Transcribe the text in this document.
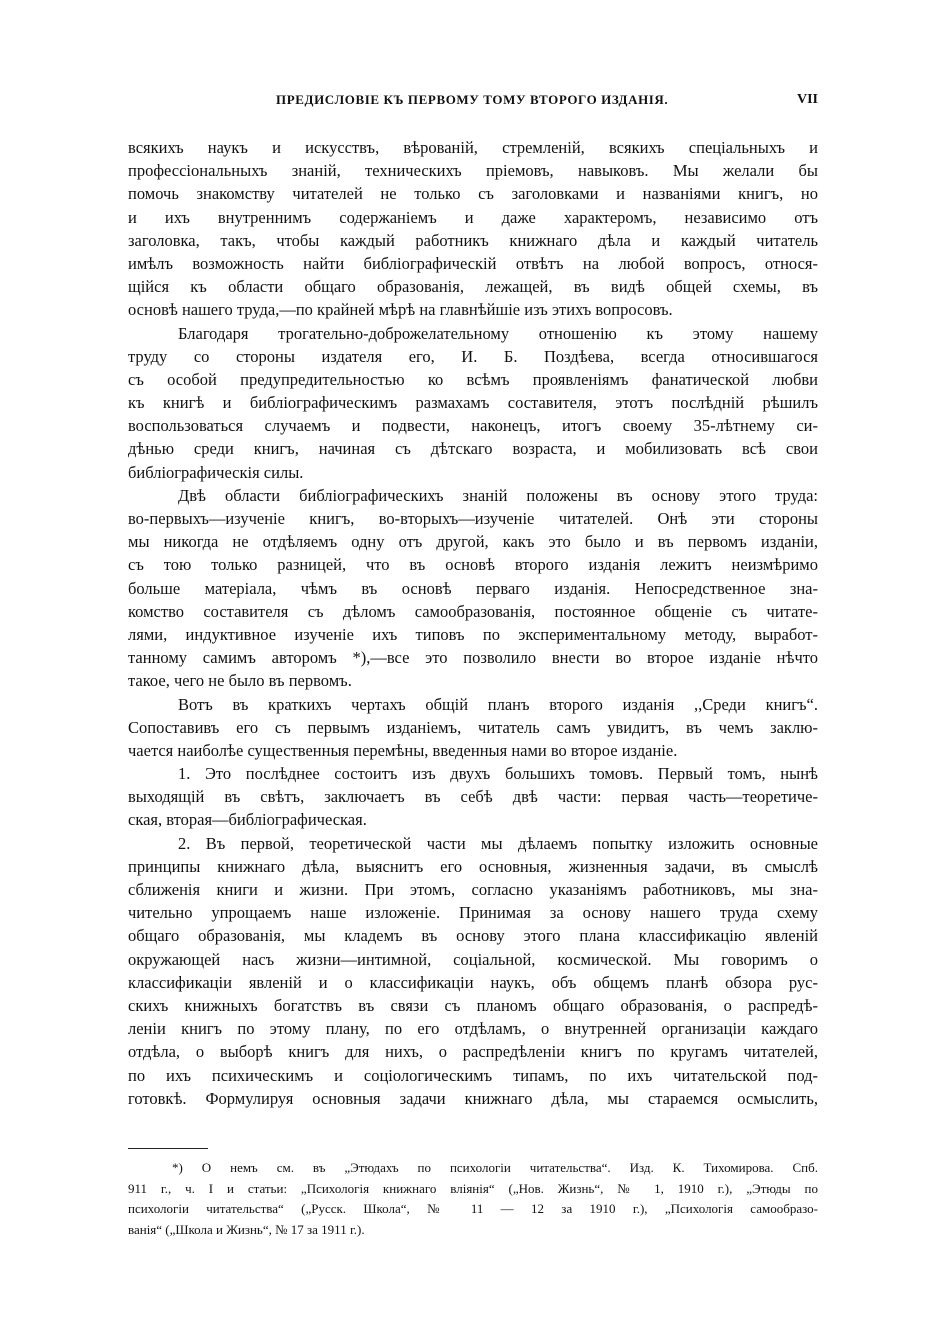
ПРЕДИСЛОВІЕ КЪ ПЕРВОМУ ТОМУ ВТОРОГО ИЗДАНІЯ.	VII
всякихъ наукъ и искусствъ, вѣрованій, стремленій, всякихъ спеціальныхъ и
профессіональныхъ знаній, техническихъ пріемовъ, навыковъ. Мы желали бы
помочь знакомству читателей не только съ заголовками и названіями книгъ, но
и ихъ внутреннимъ содержаніемъ и даже характеромъ, независимо отъ
заголовка, такъ, чтобы каждый работникъ книжнаго дѣла и каждый читатель
имѣлъ возможность найти библіографическій отвѣтъ на любой вопросъ, относя-
щійся къ области общаго образованія, лежащей, въ видѣ общей схемы, въ
основѣ нашего труда,—по крайней мѣрѣ на главнѣйшіе изъ этихъ вопросовъ.
Благодаря трогательно-доброжелательному отношенію къ этому нашему
труду со стороны издателя его, И. Б. Поздѣева, всегда относившагося
съ особой предупредительностью ко всѣмъ проявленіямъ фанатической любви
къ книгѣ и библіографическимъ размахамъ составителя, этотъ послѣдній рѣшилъ
воспользоваться случаемъ и подвести, наконецъ, итогъ своему 35-лѣтнему си-
дѣнью среди книгъ, начиная съ дѣтскаго возраста, и мобилизовать всѣ свои
библіографическія силы.
Двѣ области библіографическихъ знаній положены въ основу этого труда:
во-первыхъ—изученіе книгъ, во-вторыхъ—изученіе читателей. Онѣ эти стороны
мы никогда не отдѣляемъ одну отъ другой, какъ это было и въ первомъ изданіи,
съ тою только разницей, что въ основѣ второго изданія лежитъ неизмѣримо
больше матеріала, чѣмъ въ основѣ перваго изданія. Непосредственное зна-
комство составителя съ дѣломъ самообразованія, постоянное общеніе съ читате-
лями, индуктивное изученіе ихъ типовъ по экспериментальному методу, выработ-
танному самимъ авторомъ *),—все это позволило внести во второе изданіе нѣчто
такое, чего не было въ первомъ.
Вотъ въ краткихъ чертахъ общій планъ второго изданія ,,Среди книгъ“.
Сопоставивъ его съ первымъ изданіемъ, читатель самъ увидитъ, въ чемъ заклю-
чается наиболѣе существенныя перемѣны, введенныя нами во второе изданіе.
1. Это послѣднее состоитъ изъ двухъ большихъ томовъ. Первый томъ, нынѣ
выходящій въ свѣтъ, заключаетъ въ себѣ двѣ части: первая часть—теоретиче-
ская, вторая—библіографическая.
2. Въ первой, теоретической части мы дѣлаемъ попытку изложить основные
принципы книжнаго дѣла, выяснитъ его основныя, жизненныя задачи, въ смыслѣ
сближенія книги и жизни. При этомъ, согласно указаніямъ работниковъ, мы зна-
чительно упрощаемъ наше изложеніе. Принимая за основу нашего труда схему
общаго образованія, мы кладемъ въ основу этого плана классификацію явленій
окружающей насъ жизни—интимной, соціальной, космической. Мы говоримъ о
классификаціи явленій и о классификаціи наукъ, объ общемъ планѣ обзора рус-
скихъ книжныхъ богатствъ въ связи съ планомъ общаго образованія, о распредѣ-
леніи книгъ по этому плану, по его отдѣламъ, о внутренней организаціи каждаго
отдѣла, о выборѣ книгъ для нихъ, о распредѣленіи книгъ по кругамъ читателей,
по ихъ психическимъ и соціологическимъ типамъ, по ихъ читательской под-
готовкѣ. Формулируя основныя задачи книжнаго дѣла, мы стараемся осмыслить,
*) О немъ см. въ „Этюдахъ по психологіи читательства“. Изд. К. Тихомирова. Спб.
911 г., ч. I и статьи: „Психологія книжнаго вліянія“ („Нов. Жизнь“, № 1, 1910 г.), „Этюды по
психологіи читательства“ („Русск. Школа“, № 11 — 12 за 1910 г.), „Психологія самообразо-
ванія“ („Школа и Жизнь“, № 17 за 1911 г.).
